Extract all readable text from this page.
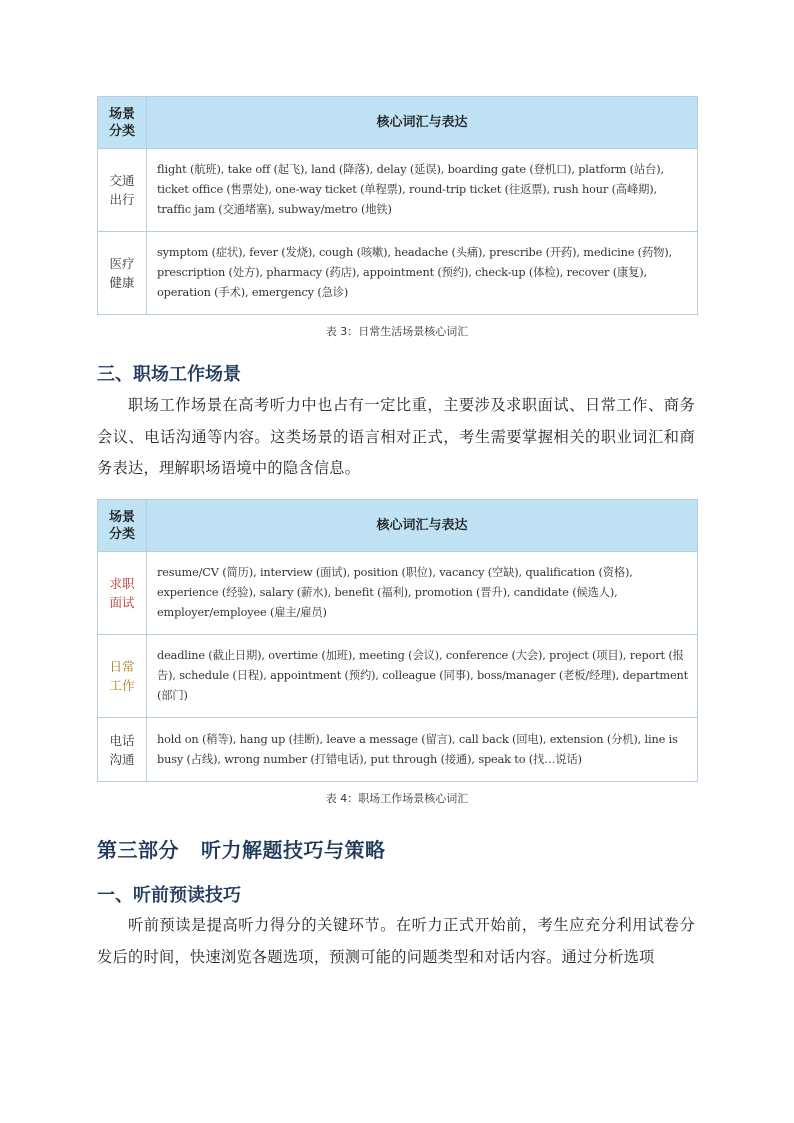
场景分类	核心词汇与表达

交通出行	flight (航班), take off (起飞), land (降落), delay (延误), boarding gate (登机口), platform (站台), ticket office (售票处), one-way ticket (单程票), round-trip ticket (往返票), rush hour (高峰期), traffic jam (交通堵塞), subway/metro (地铁)

医疗健康	symptom (症状), fever (发烧), cough (咳嗽), headache (头痛), prescribe (开药), medicine (药物), prescription (处方), pharmacy (药店), appointment (预约), check-up (体检), recover (康复), operation (手术), emergency (急诊)
表 3：日常生活场景核心词汇
三、职场工作场景
职场工作场景在高考听力中也占有一定比重，主要涉及求职面试、日常工作、商务会议、电话沟通等内容。这类场景的语言相对正式，考生需要掌握相关的职业词汇和商务表达，理解职场语境中的隐含信息。
场景分类	核心词汇与表达

求职面试	resume/CV (简历), interview (面试), position (职位), vacancy (空缺), qualification (资格), experience (经验), salary (薪水), benefit (福利), promotion (晋升), candidate (候选人), employer/employee (雇主/雇员)

日常工作	deadline (截止日期), overtime (加班), meeting (会议), conference (大会), project (项目), report (报告), schedule (日程), appointment (预约), colleague (同事), boss/manager (老板/经理), department (部门)

电话沟通	hold on (稍等), hang up (挂断), leave a message (留言), call back (回电), extension (分机), line is busy (占线), wrong number (打错电话), put through (接通), speak to (找…说话)
表 4：职场工作场景核心词汇
第三部分 听力解题技巧与策略
一、听前预读技巧
听前预读是提高听力得分的关键环节。在听力正式开始前，考生应充分利用试卷分发后的时间，快速浏览各题选项，预测可能的问题类型和对话内容。通过分析选项
